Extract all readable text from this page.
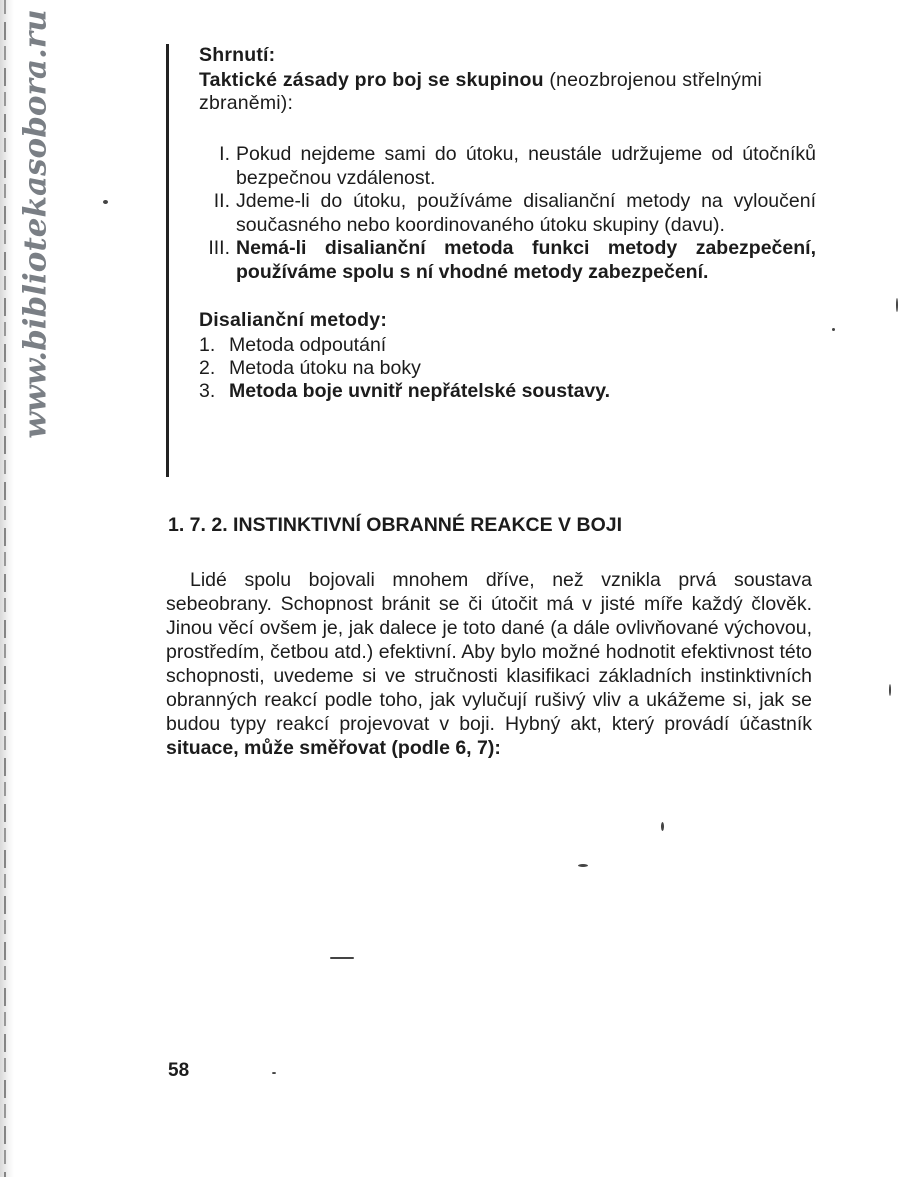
www.bibliotekasobora.ru	Shrnutí:

Taktické zásady pro boj se skupinou (neozbrojenou střelnými zbraněmi):

I. Pokud nejdeme sami do útoku, neustále udržujeme od útočníků bezpečnou vzdálenost.
II. Jdeme-li do útoku, používáme disalianční metody na vyloučení současného nebo koordinovaného útoku skupiny (davu).
III. Nemá-li disalianční metoda funkci metody zabezpečení, používáme spolu s ní vhodné metody zabezpečení.

Disalianční metody:

1. Metoda odpoutání
2. Metoda útoku na boky
3. Metoda boje uvnitř nepřátelské soustavy.
1. 7. 2. INSTINKTIVNÍ OBRANNÉ REAKCE V BOJI

Lidé spolu bojovali mnohem dříve, než vznikla prvá soustava sebeobrany. Schopnost bránit se či útočit má v jisté míře každý člověk. Jinou věcí ovšem je, jak dalece je toto dané (a dále ovlivňované výchovou, prostředím, četbou atd.) efektivní. Aby bylo možné hodnotit efektivnost této schopnosti, uvedeme si ve stručnosti klasifikaci základních instinktivních obranných reakcí podle toho, jak vylučují rušivý vliv a ukážeme si, jak se budou typy reakcí projevovat v boji. Hybný akt, který provádí účastník situace, může směřovat (podle 6, 7):

58
